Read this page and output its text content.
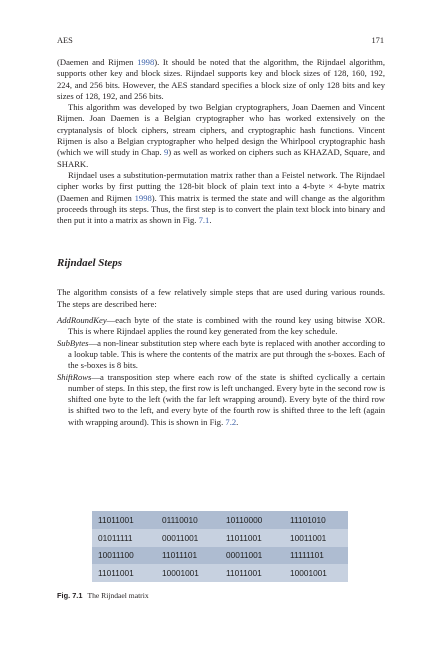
AES	171

(Daemen and Rijmen 1998). It should be noted that the algorithm, the Rijndael algorithm, supports other key and block sizes. Rijndael supports key and block sizes of 128, 160, 192, 224, and 256 bits. However, the AES standard specifies a block size of only 128 bits and key sizes of 128, 192, and 256 bits.

This algorithm was developed by two Belgian cryptographers, Joan Daemen and Vincent Rijmen. Joan Daemen is a Belgian cryptographer who has worked extensively on the cryptanalysis of block ciphers, stream ciphers, and cryptographic hash functions. Vincent Rijmen is also a Belgian cryptographer who helped design the Whirlpool cryptographic hash (which we will study in Chap. 9) as well as worked on ciphers such as KHAZAD, Square, and SHARK.

Rijndael uses a substitution-permutation matrix rather than a Feistel network. The Rijndael cipher works by first putting the 128-bit block of plain text into a 4-byte × 4-byte matrix (Daemen and Rijmen 1998). This matrix is termed the state and will change as the algorithm proceeds through its steps. Thus, the first step is to convert the plain text block into binary and then put it into a matrix as shown in Fig. 7.1.

Rijndael Steps

The algorithm consists of a few relatively simple steps that are used during various rounds. The steps are described here:

AddRoundKey—each byte of the state is combined with the round key using bitwise XOR. This is where Rijndael applies the round key generated from the key schedule.

SubBytes—a non-linear substitution step where each byte is replaced with another according to a lookup table. This is where the contents of the matrix are put through the s-boxes. Each of the s-boxes is 8 bits.

ShiftRows—a transposition step where each row of the state is shifted cyclically a certain number of steps. In this step, the first row is left unchanged. Every byte in the second row is shifted one byte to the left (with the far left wrapping around). Every byte of the third row is shifted two to the left, and every byte of the fourth row is shifted three to the left (again with wrapping around). This is shown in Fig. 7.2.

11011001	01110010	10110000	11101010
01011111	00011001	11011001	10011001
10011100	11011101	00011001	11111101
11011001	10001001	11011001	10001001
Fig. 7.1 The Rijndael matrix
